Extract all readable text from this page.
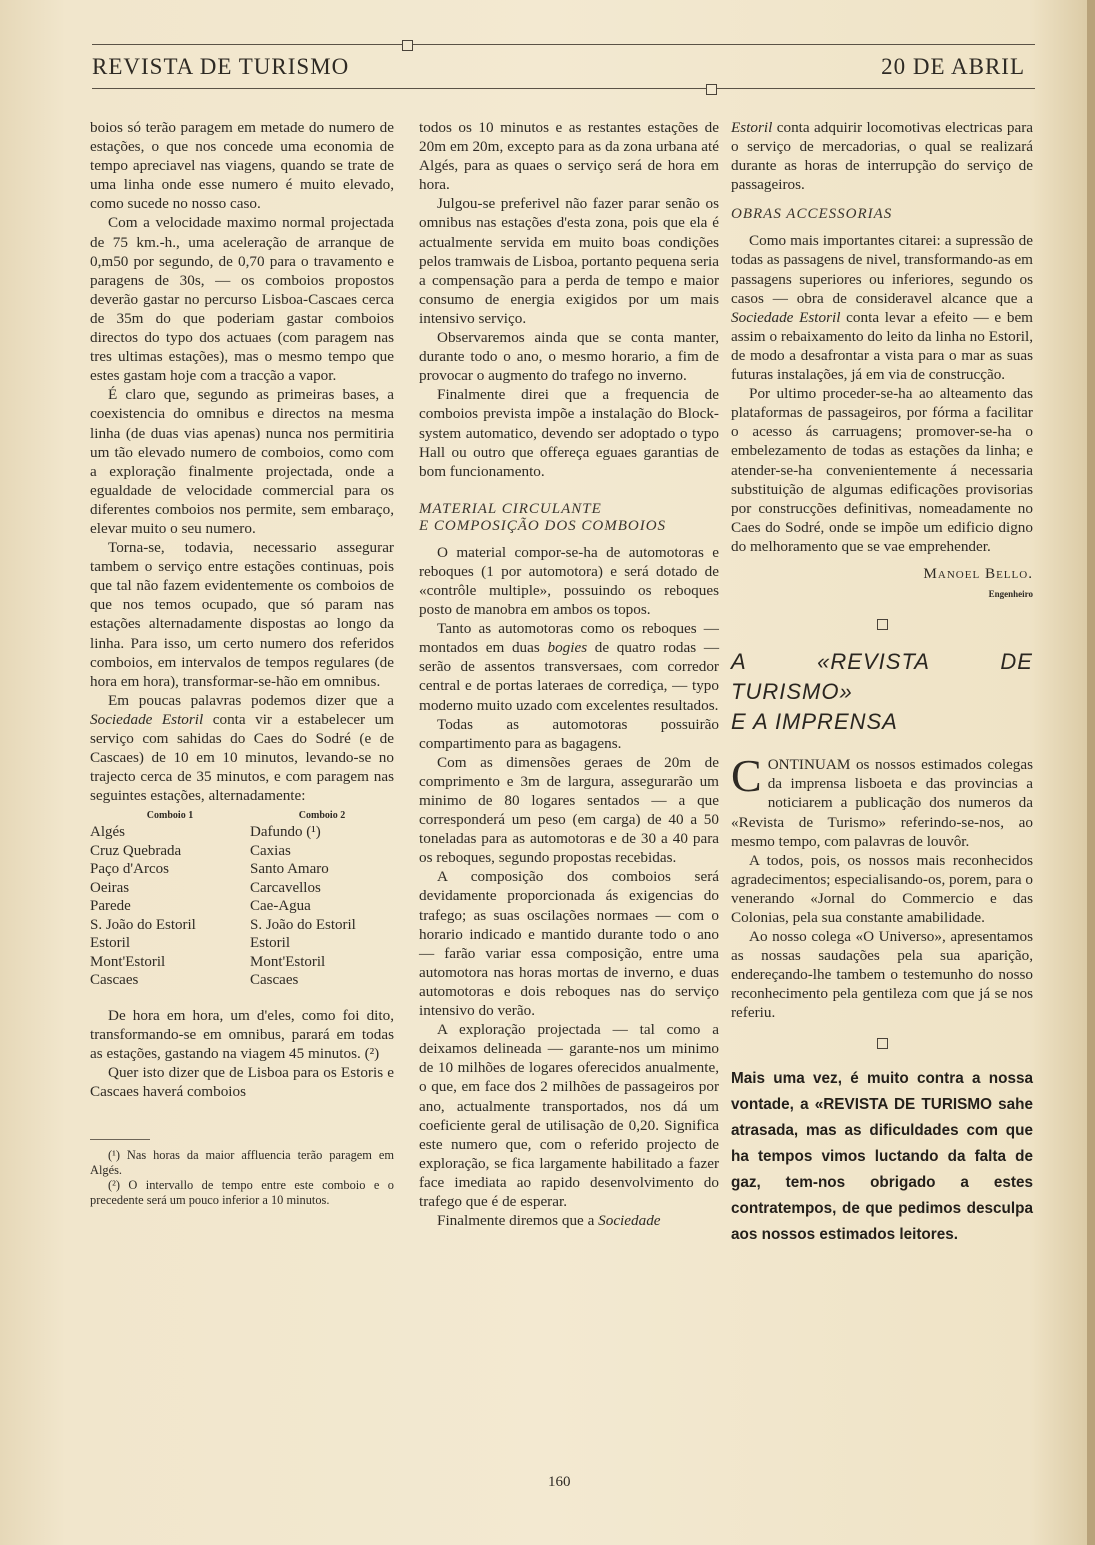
REVISTA DE TURISMO	20 DE ABRIL

boios só terão paragem em metade do numero de estações, o que nos concede uma economia de tempo apreciavel nas viagens, quando se trate de uma linha onde esse numero é muito elevado, como sucede no nosso caso.

Com a velocidade maximo normal projectada de 75 km.-h., uma aceleração de arranque de 0,m50 por segundo, de 0,70 para o travamento e paragens de 30s, — os comboios propostos deverão gastar no percurso Lisboa-Cascaes cerca de 35m do que poderiam gastar comboios directos do typo dos actuaes (com paragem nas tres ultimas estações), mas o mesmo tempo que estes gastam hoje com a tracção a vapor.

É claro que, segundo as primeiras bases, a coexistencia do omnibus e directos na mesma linha (de duas vias apenas) nunca nos permitiria um tão elevado numero de comboios, como com a exploração finalmente projectada, onde a egualdade de velocidade commercial para os diferentes comboios nos permite, sem embaraço, elevar muito o seu numero.

Torna-se, todavia, necessario assegurar tambem o serviço entre estações continuas, pois que tal não fazem evidentemente os comboios de que nos temos ocupado, que só param nas estações alternadamente dispostas ao longo da linha. Para isso, um certo numero dos referidos comboios, em intervalos de tempos regulares (de hora em hora), transformar-se-hão em omnibus.

Em poucas palavras podemos dizer que a Sociedade Estoril conta vir a estabelecer um serviço com sahidas do Caes do Sodré (e de Cascaes) de 10 em 10 minutos, levando-se no trajecto cerca de 35 minutos, e com paragem nas seguintes estações, alternadamente:

Comboio 1	Comboio 2
Algés	Dafundo (¹)
Cruz Quebrada	Caxias
Paço d'Arcos	Santo Amaro
Oeiras	Carcavellos
Parede	Cae-Agua
S. João do Estoril	S. João do Estoril
Estoril	Estoril
Mont'Estoril	Mont'Estoril
Cascaes	Cascaes

De hora em hora, um d'eles, como foi dito, transformando-se em omnibus, parará em todas as estações, gastando na viagem 45 minutos. (²)

Quer isto dizer que de Lisboa para os Estoris e Cascaes haverá comboios

(¹) Nas horas da maior affluencia terão paragem em Algés.

(²) O intervallo de tempo entre este comboio e o precedente será um pouco inferior a 10 minutos.

todos os 10 minutos e as restantes estações de 20m em 20m, excepto para as da zona urbana até Algés, para as quaes o serviço será de hora em hora.

Julgou-se preferivel não fazer parar senão os omnibus nas estações d'esta zona, pois que ela é actualmente servida em muito boas condições pelos tramwais de Lisboa, portanto pequena seria a compensação para a perda de tempo e maior consumo de energia exigidos por um mais intensivo serviço.

Observaremos ainda que se conta manter, durante todo o ano, o mesmo horario, a fim de provocar o augmento do trafego no inverno.

Finalmente direi que a frequencia de comboios prevista impõe a instalação do Block-system automatico, devendo ser adoptado o typo Hall ou outro que offereça eguaes garantias de bom funcionamento.

MATERIAL CIRCULANTE
E COMPOSIÇÃO DOS COMBOIOS

O material compor-se-ha de automotoras e reboques (1 por automotora) e será dotado de «contrôle multiple», possuindo os reboques posto de manobra em ambos os topos.

Tanto as automotoras como os reboques — montados em duas bogies de quatro rodas — serão de assentos transversaes, com corredor central e de portas lateraes de corrediça, — typo moderno muito uzado com excelentes resultados.

Todas as automotoras possuirão compartimento para as bagagens.

Com as dimensões geraes de 20m de comprimento e 3m de largura, assegurarão um minimo de 80 logares sentados — a que corresponderá um peso (em carga) de 40 a 50 toneladas para as automotoras e de 30 a 40 para os reboques, segundo propostas recebidas.

A composição dos comboios será devidamente proporcionada ás exigencias do trafego; as suas oscilações normaes — com o horario indicado e mantido durante todo o ano — farão variar essa composição, entre uma automotora nas horas mortas de inverno, e duas automotoras e dois reboques nas do serviço intensivo do verão.

A exploração projectada — tal como a deixamos delineada — garante-nos um minimo de 10 milhões de logares oferecidos anualmente, o que, em face dos 2 milhões de passageiros por ano, actualmente transportados, nos dá um coeficiente geral de utilisação de 0,20. Significa este numero que, com o referido projecto de exploração, se fica largamente habilitado a fazer face imediata ao rapido desenvolvimento do trafego que é de esperar.

Finalmente diremos que a Sociedade

Estoril conta adquirir locomotivas electricas para o serviço de mercadorias, o qual se realizará durante as horas de interrupção do serviço de passageiros.

OBRAS ACCESSORIAS

Como mais importantes citarei: a supressão de todas as passagens de nivel, transformando-as em passagens superiores ou inferiores, segundo os casos — obra de consideravel alcance que a Sociedade Estoril conta levar a efeito — e bem assim o rebaixamento do leito da linha no Estoril, de modo a desafrontar a vista para o mar as suas futuras instalações, já em via de construcção.

Por ultimo proceder-se-ha ao alteamento das plataformas de passageiros, por fórma a facilitar o acesso ás carruagens; promover-se-ha o embelezamento de todas as estações da linha; e atender-se-ha convenientemente á necessaria substituição de algumas edificações provisorias por construcções definitivas, nomeadamente no Caes do Sodré, onde se impõe um edificio digno do melhoramento que se vae emprehender.

Manoel Bello.
Engenheiro
A «REVISTA DE TURISMO»
E A IMPRENSA

CONTINUAM os nossos estimados colegas da imprensa lisboeta e das provincias a noticiarem a publicação dos numeros da «Revista de Turismo» referindo-se-nos, ao mesmo tempo, com palavras de louvôr.

A todos, pois, os nossos mais reconhecidos agradecimentos; especialisando-os, porem, para o venerando «Jornal do Commercio e das Colonias, pela sua constante amabilidade.

Ao nosso colega «O Universo», apresentamos as nossas saudações pela sua aparição, endereçando-lhe tambem o testemunho do nosso reconhecimento pela gentileza com que já se nos referiu.

Mais uma vez, é muito contra a nossa vontade, a «REVISTA DE TURISMO sahe atrasada, mas as dificuldades com que ha tempos vimos luctando da falta de gaz, tem-nos obrigado a estes contratempos, de que pedimos desculpa aos nossos estimados leitores.
160
